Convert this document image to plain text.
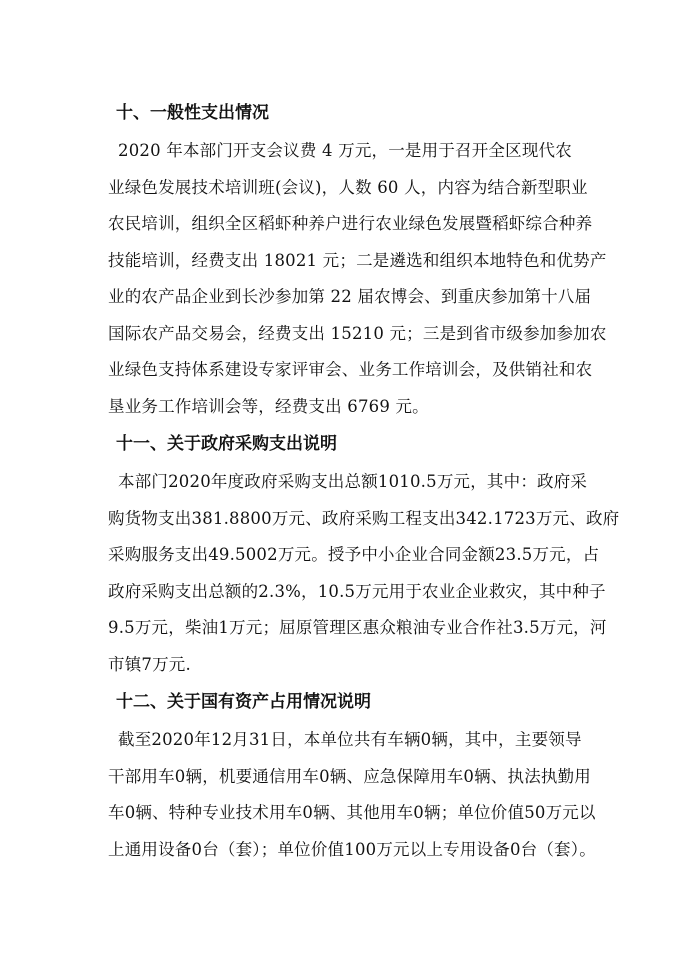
十、一般性支出情况

2020 年本部门开支会议费 4 万元，一是用于召开全区现代农

业绿色发展技术培训班(会议)，人数 60 人，内容为结合新型职业

农民培训，组织全区稻虾种养户进行农业绿色发展暨稻虾综合种养

技能培训，经费支出 18021 元；二是遴选和组织本地特色和优势产

业的农产品企业到长沙参加第 22 届农博会、到重庆参加第十八届

国际农产品交易会，经费支出 15210 元；三是到省市级参加参加农

业绿色支持体系建设专家评审会、业务工作培训会，及供销社和农

垦业务工作培训会等，经费支出 6769 元。

十一、关于政府采购支出说明

本部门2020年度政府采购支出总额1010.5万元，其中：政府采

购货物支出381.8800万元、政府采购工程支出342.1723万元、政府

采购服务支出49.5002万元。授予中小企业合同金额23.5万元，占

政府采购支出总额的2.3%，10.5万元用于农业企业救灾，其中种子

9.5万元，柴油1万元；屈原管理区惠众粮油专业合作社3.5万元，河

市镇7万元.

十二、关于国有资产占用情况说明

截至2020年12月31日，本单位共有车辆0辆，其中，主要领导

干部用车0辆，机要通信用车0辆、应急保障用车0辆、执法执勤用

车0辆、特种专业技术用车0辆、其他用车0辆；单位价值50万元以

上通用设备0台（套）；单位价值100万元以上专用设备0台（套）。
